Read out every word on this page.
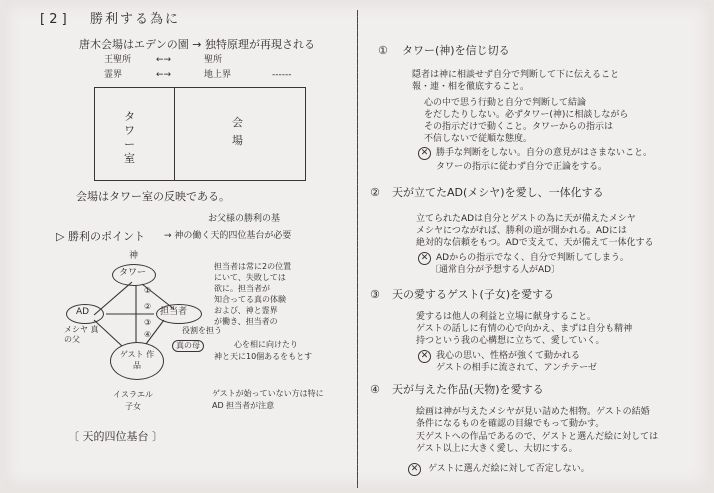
[ 2 ] 勝利する為に
唐木会場はエデンの園 → 独特原理が再現される
王聖所	←→	聖所
霊界	←→	地上界	------
タワー室
会場
会場はタワー室の反映である。
お父様の勝利の基
▷ 勝利のポイント → 神の働く天的四位基台が必要
神
タワー
AD
メシヤ 真の父
担当者
真の母
役割を担う
ゲスト 作品
イスラエル 子女
①
②
③
④
担当者は常に2の位置
にいて、失敗しては
欲に。担当者が
知合ってる真の体験
および、神と霊界
が働き、担当者の
心を相に向けたり
神と天に10個あるをもとす
ゲストが始っていない方は特に
AD 担当者が注意
〔 天的四位基台 〕
① タワー(神)を信じ切る
隠者は神に相談せず自分で判断して下に伝えること
報・連・相を徹底すること。
心の中で思う行動と自分で判断して結論
をだしたりしない。必ずタワー(神)に相談しながら
その指示だけで動くこと。タワーからの指示は
不信しないで従順な態度。
✕ 勝手な判断をしない。自分の意見がはさまないこと。
タワーの指示に従わず自分で正論をする。
② 天が立てたAD(メシヤ)を愛し、一体化する
立てられたADは自分とゲストの為に天が備えたメシヤ
メシヤにつながれば、勝利の道が開かれる。ADには
絶対的な信頼をもつ。ADで支えて、天が備えて一体化する
✕ ADからの指示でなく、自分で判断してしまう。
〔通常自分が予想する人がAD〕
③ 天の愛するゲスト(子女)を愛する
愛するは他人の利益と立場に献身すること。
ゲストの話しに有情の心で向かえ、まずは自分も精神
持つという我の心構想に立ちて、愛していく。
✕ 我心の思い、性格が強くて動かれる
ゲストの相手に流されて、アンチテーゼ
④ 天が与えた作品(天物)を愛する
絵画は神が与えたメシヤが見い詰めた相物。ゲストの結婚
条件になるものを確認の目線でもって動かす。
天ゲストへの作品であるので、ゲストと選んだ絵に対しては
ゲスト以上に大きく愛し、大切にする。
✕	ゲストに選んだ絵に対して否定しない。
